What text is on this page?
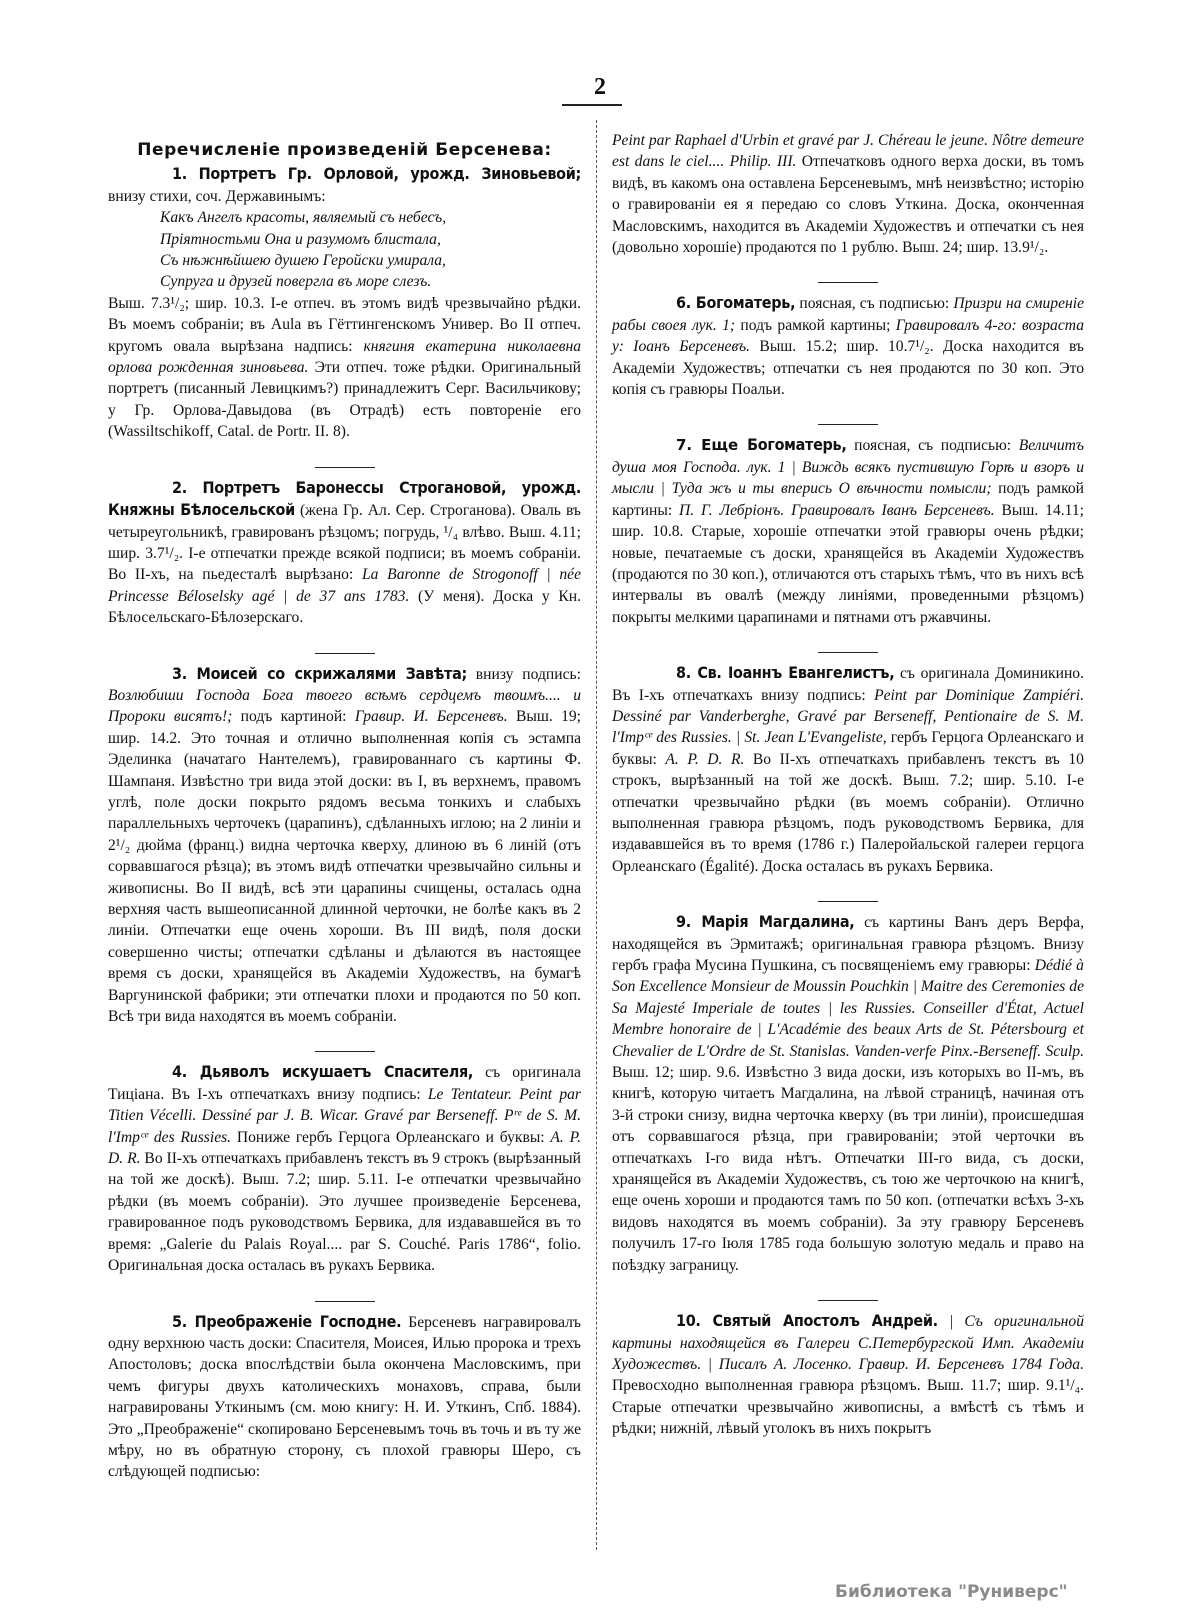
2
Перечисленіе произведеній Берсенева:

1. Портретъ Гр. Орловой, урожд. Зиновьевой; внизу стихи, соч. Державинымъ:

Какъ Ангелъ красоты, являемый съ небесъ,
Пріятностьми Она и разумомъ блистала,
Съ нѣжнѣйшею душею Геройски умирала,
Супруга и друзей повергла въ море слезъ.

Выш. 7.3¹/₂; шир. 10.3. I-е отпеч. въ этомъ видѣ чрезвычайно рѣдки. Въ моемъ собраніи; въ Aula въ Гёттингенскомъ Универ. Во II отпеч. кругомъ овала вырѣзана надпись: княгиня екатерина николаевна орлова рожденная зиновьева. Эти отпеч. тоже рѣдки. Оригинальный портретъ (писанный Левицкимъ?) принадлежитъ Серг. Васильчикову; у Гр. Орлова-Давыдова (въ Отрадѣ) есть повтореніе его (Wassiltschikoff, Catal. de Portr. II. 8).

2. Портретъ Баронессы Строгановой, урожд. Княжны Бѣлосельской (жена Гр. Ал. Сер. Строганова). Оваль въ четыреугольникѣ, гравированъ рѣзцомъ; погрудь, ¹/₄ влѣво. Выш. 4.11; шир. 3.7¹/₂. I-е отпечатки прежде всякой подписи; въ моемъ собраніи. Во II-хъ, на пьедесталѣ вырѣзано: La Baronne de Strogonoff | née Princesse Béloselsky agé | de 37 ans 1783. (У меня). Доска у Кн. Бѣлосельскаго-Бѣлозерскаго.

3. Моисей со скрижалями Завѣта; внизу подпись: Возлюбиши Господа Бога твоего всѣмъ сердцемъ твоимъ.... и Пророки висятъ!; подъ картиной: Гравир. И. Берсеневъ. Выш. 19; шир. 14.2. Это точная и отлично выполненная копія съ эстампа Эделинка (начатаго Нантелемъ), гравированнаго съ картины Ф. Шампаня. Извѣстно три вида этой доски: въ I, въ верхнемъ, правомъ углѣ, поле доски покрыто рядомъ весьма тонкихъ и слабыхъ параллельныхъ черточекъ (царапинъ), сдѣланныхъ иглою; на 2 линіи и 2¹/₂ дюйма (франц.) видна черточка кверху, длиною въ 6 линій (отъ сорвавшагося рѣзца); въ этомъ видѣ отпечатки чрезвычайно сильны и живописны. Во II видѣ, всѣ эти царапины счищены, осталась одна верхняя часть вышеописанной длинной черточки, не болѣе какъ въ 2 линіи. Отпечатки еще очень хороши. Въ III видѣ, поля доски совершенно чисты; отпечатки сдѣланы и дѣлаются въ настоящее время съ доски, хранящейся въ Академіи Художествъ, на бумагѣ Варгунинской фабрики; эти отпечатки плохи и продаются по 50 коп. Всѣ три вида находятся въ моемъ собраніи.

4. Дьяволъ искушаетъ Спасителя, съ оригинала Тиціана. Въ I-хъ отпечаткахъ внизу подпись: Le Tentateur. Peint par Titien Vécelli. Dessiné par J. B. Wicar. Gravé par Berseneff. Pʳᵉ de S. M. l'Impᶜᵉ des Russies. Пониже гербъ Герцога Орлеанскаго и буквы: A. P. D. R. Во II-хъ отпечаткахъ прибавленъ текстъ въ 9 строкъ (вырѣзанный на той же доскѣ). Выш. 7.2; шир. 5.11. I-е отпечатки чрезвычайно рѣдки (въ моемъ собраніи). Это лучшее произведеніе Берсенева, гравированное подъ руководствомъ Бервика, для издававшейся въ то время: „Galerie du Palais Royal.... par S. Couché. Paris 1786“, folio. Оригинальная доска осталась въ рукахъ Бервика.

5. Преображеніе Господне. Берсеневъ награвировалъ одну верхнюю часть доски: Спасителя, Моисея, Илью пророка и трехъ Апостоловъ; доска впослѣдствіи была окончена Масловскимъ, при чемъ фигуры двухъ католическихъ монаховъ, справа, были награвированы Уткинымъ (см. мою книгу: Н. И. Уткинъ, Спб. 1884). Это „Преображеніе“ скопировано Берсеневымъ точь въ точь и въ ту же мѣру, но въ обратную сторону, съ плохой гравюры Шеро, съ слѣдующей подписью:

Peint par Raphael d'Urbin et gravé par J. Chéreau le jeune. Nôtre demeure est dans le ciel.... Philip. III. Отпечатковъ одного верха доски, въ томъ видѣ, въ какомъ она оставлена Берсеневымъ, мнѣ неизвѣстно; исторію о гравированіи ея я передаю со словъ Уткина. Доска, оконченная Масловскимъ, находится въ Академіи Художествъ и отпечатки съ нея (довольно хорошіе) продаются по 1 рублю. Выш. 24; шир. 13.9¹/₂.

6. Богоматерь, поясная, съ подписью: Призри на смиреніе рабы своея лук. 1; подъ рамкой картины; Гравировалъ 4-го: возраста у: Іоанъ Берсеневъ. Выш. 15.2; шир. 10.7¹/₂. Доска находится въ Академіи Художествъ; отпечатки съ нея продаются по 30 коп. Это копія съ гравюры Поальи.

7. Еще Богоматерь, поясная, съ подписью: Величитъ душа моя Господа. лук. 1 | Виждь всякъ пустившую Горѣ и взоръ и мысли | Туда жъ и ты вперись О вѣчности помысли; подъ рамкой картины: П. Г. Лебріонъ. Гравировалъ Іванъ Берсеневъ. Выш. 14.11; шир. 10.8. Старые, хорошіе отпечатки этой гравюры очень рѣдки; новые, печатаемые съ доски, хранящейся въ Академіи Художествъ (продаются по 30 коп.), отличаются отъ старыхъ тѣмъ, что въ нихъ всѣ интервалы въ овалѣ (между линіями, проведенными рѣзцомъ) покрыты мелкими царапинами и пятнами отъ ржавчины.

8. Св. Іоаннъ Евангелистъ, съ оригинала Доминикино. Въ I-хъ отпечаткахъ внизу подпись: Peint par Dominique Zampiéri. Dessiné par Vanderberghe, Gravé par Berseneff, Pentionaire de S. M. l'Impᶜᵉ des Russies. | St. Jean L'Evangeliste, гербъ Герцога Орлеанскаго и буквы: A. P. D. R. Во II-хъ отпечаткахъ прибавленъ текстъ въ 10 строкъ, вырѣзанный на той же доскѣ. Выш. 7.2; шир. 5.10. I-е отпечатки чрезвычайно рѣдки (въ моемъ собраніи). Отлично выполненная гравюра рѣзцомъ, подъ руководствомъ Бервика, для издававшейся въ то время (1786 г.) Палеройальской галереи герцога Орлеанскаго (Égalité). Доска осталась въ рукахъ Бервика.

9. Марія Магдалина, съ картины Ванъ деръ Верфа, находящейся въ Эрмитажѣ; оригинальная гравюра рѣзцомъ. Внизу гербъ графа Мусина Пушкина, съ посвященіемъ ему гравюры: Dédié à Son Excellence Monsieur de Moussin Pouchkin | Maitre des Ceremonies de Sa Majesté Imperiale de toutes | les Russies. Conseiller d'État, Actuel Membre honoraire de | L'Académie des beaux Arts de St. Pétersbourg et Chevalier de L'Ordre de St. Stanislas. Vanden-verfe Pinx.-Berseneff. Sculp. Выш. 12; шир. 9.6. Извѣстно 3 вида доски, изъ которыхъ во II-мъ, въ книгѣ, которую читаетъ Магдалина, на лѣвой страницѣ, начиная отъ 3-й строки снизу, видна черточка кверху (въ три линіи), происшедшая отъ сорвавшагося рѣзца, при гравированіи; этой черточки въ отпечаткахъ I-го вида нѣтъ. Отпечатки III-го вида, съ доски, хранящейся въ Академіи Художествъ, съ тою же черточкою на книгѣ, еще очень хороши и продаются тамъ по 50 коп. (отпечатки всѣхъ 3-хъ видовъ находятся въ моемъ собраніи). За эту гравюру Берсеневъ получилъ 17-го Іюля 1785 года большую золотую медаль и право на поѣздку заграницу.

10. Святый Апостолъ Андрей. | Съ оригинальной картины находящейся въ Галереи С.Петербургской Имп. Академіи Художествъ. | Писалъ А. Лосенко. Гравир. И. Берсеневъ 1784 Года. Превосходно выполненная гравюра рѣзцомъ. Выш. 11.7; шир. 9.1¹/₄. Старые отпечатки чрезвычайно живописны, а вмѣстѣ съ тѣмъ и рѣдки; нижній, лѣвый уголокъ въ нихъ покрытъ

Библиотека "Руниверс"
